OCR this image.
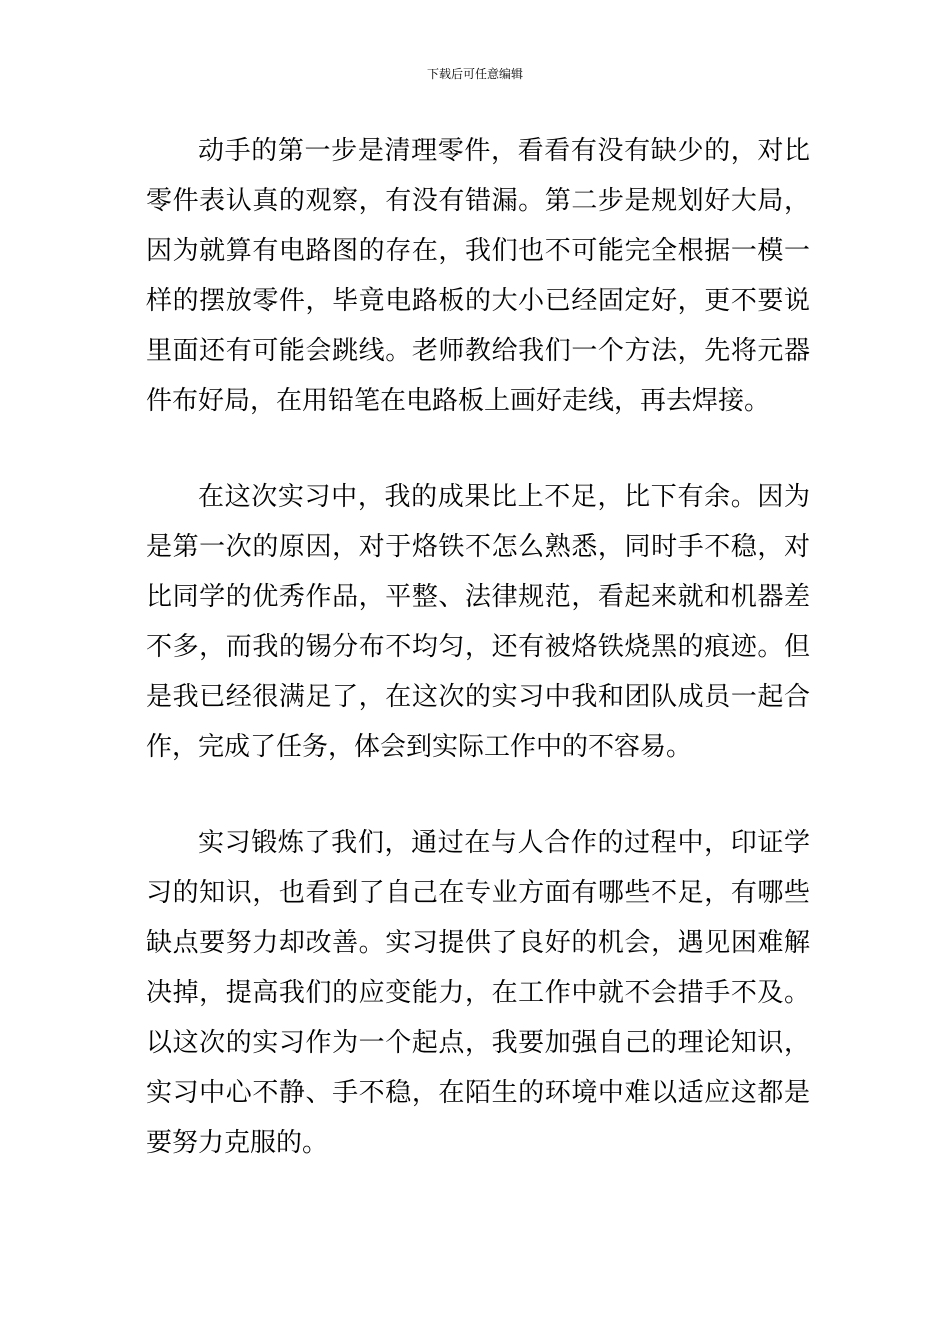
下载后可任意编辑
动手的第一步是清理零件，看看有没有缺少的，对比
零件表认真的观察，有没有错漏。第二步是规划好大局，
因为就算有电路图的存在，我们也不可能完全根据一模一
样的摆放零件，毕竟电路板的大小已经固定好，更不要说
里面还有可能会跳线。老师教给我们一个方法，先将元器
件布好局，在用铅笔在电路板上画好走线，再去焊接。
在这次实习中，我的成果比上不足，比下有余。因为
是第一次的原因，对于烙铁不怎么熟悉，同时手不稳，对
比同学的优秀作品，平整、法律规范，看起来就和机器差
不多，而我的锡分布不均匀，还有被烙铁烧黑的痕迹。但
是我已经很满足了，在这次的实习中我和团队成员一起合
作，完成了任务，体会到实际工作中的不容易。
实习锻炼了我们，通过在与人合作的过程中，印证学
习的知识，也看到了自己在专业方面有哪些不足，有哪些
缺点要努力却改善。实习提供了良好的机会，遇见困难解
决掉，提高我们的应变能力，在工作中就不会措手不及。
以这次的实习作为一个起点，我要加强自己的理论知识，
实习中心不静、手不稳，在陌生的环境中难以适应这都是
要努力克服的。
